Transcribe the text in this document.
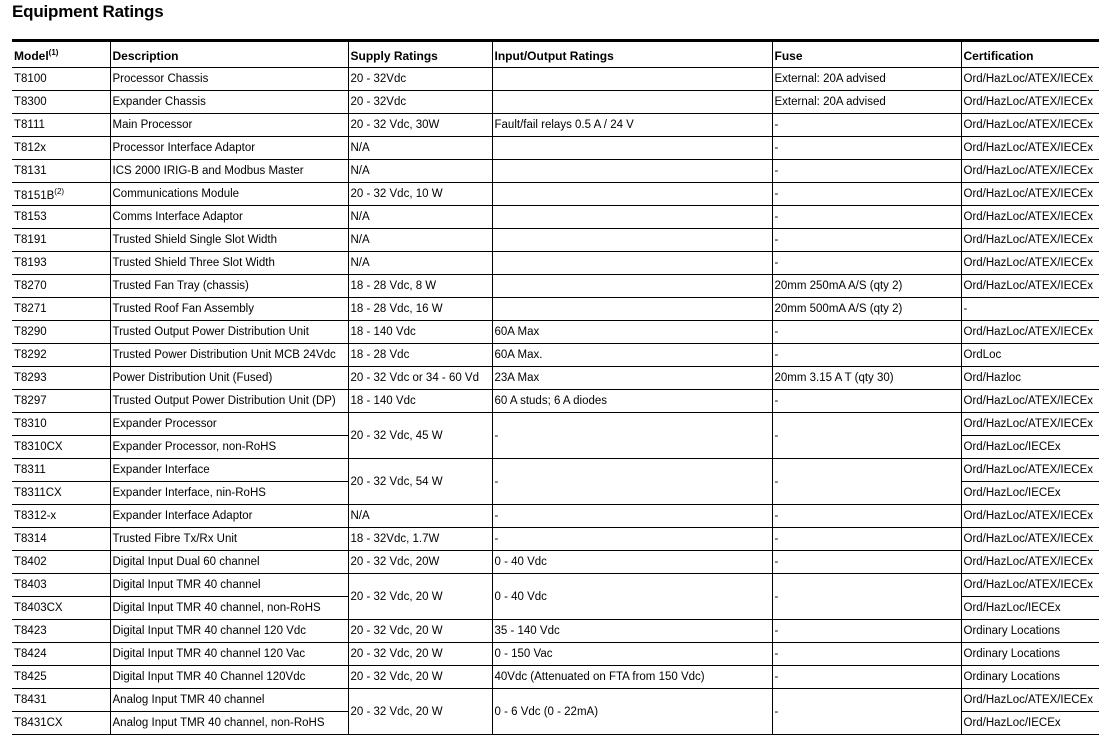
Equipment Ratings
Model$^{(1)}$	Description	Supply Ratings	Input/Output Ratings	Fuse	Certification
T8100	Processor Chassis	20 - 32Vdc		External: 20A advised	Ord/HazLoc/ATEX/IECEx
T8300	Expander Chassis	20 - 32Vdc		External: 20A advised	Ord/HazLoc/ATEX/IECEx
T8111	Main Processor	20 - 32 Vdc, 30W	Fault/fail relays 0.5 A / 24 V	-	Ord/HazLoc/ATEX/IECEx
T812x	Processor Interface Adaptor	N/A		-	Ord/HazLoc/ATEX/IECEx
T8131	ICS 2000 IRIG-B and Modbus Master	N/A		-	Ord/HazLoc/ATEX/IECEx
$T8151B^{(2)}$	Communications Module	20 - 32 Vdc, 10 W		-	Ord/HazLoc/ATEX/IECEx
T8153	Comms Interface Adaptor	N/A		-	Ord/HazLoc/ATEX/IECEx
T8191	Trusted Shield Single Slot Width	N/A		-	Ord/HazLoc/ATEX/IECEx
T8193	Trusted Shield Three Slot Width	N/A		-	Ord/HazLoc/ATEX/IECEx
T8270	Trusted Fan Tray (chassis)	18 - 28 Vdc, 8 W		20mm 250mA A/S (qty 2)	Ord/HazLoc/ATEX/IECEx
T8271	Trusted Roof Fan Assembly	18 - 28 Vdc, 16 W		20mm 500mA A/S (qty 2)	-
T8290	Trusted Output Power Distribution Unit	18 - 140 Vdc	60A Max	-	Ord/HazLoc/ATEX/IECEx
T8292	Trusted Power Distribution Unit MCB 24Vdc	18 - 28 Vdc	60A Max.	-	OrdLoc
T8293	Power Distribution Unit (Fused)	20 - 32 Vdc or 34 - 60 Vd	23A Max	20mm 3.15 A T (qty 30)	Ord/Hazloc
T8297	Trusted Output Power Distribution Unit (DP)	18 - 140 Vdc	60 A studs; 6 A diodes	-	Ord/HazLoc/ATEX/IECEx
T8310	Expander Processor	20 - 32 Vdc, 45 W	-	-	Ord/HazLoc/ATEX/IECEx
T8310CX	Expander Processor, non-RoHS				Ord/HazLoc/IECEx
T8311	Expander Interface	20 - 32 Vdc, 54 W	-	-	Ord/HazLoc/ATEX/IECEx
T8311CX	Expander Interface, nin-RoHS				Ord/HazLoc/IECEx
T8312-x	Expander Interface Adaptor	N/A	-	-	Ord/HazLoc/ATEX/IECEx
T8314	Trusted Fibre Tx/Rx Unit	18 - 32Vdc, 1.7W	-	-	Ord/HazLoc/ATEX/IECEx
T8402	Digital Input Dual 60 channel	20 - 32 Vdc, 20W	0 - 40 Vdc	-	Ord/HazLoc/ATEX/IECEx
T8403	Digital Input TMR 40 channel	20 - 32 Vdc, 20 W	0 - 40 Vdc	-	Ord/HazLoc/ATEX/IECEx
T8403CX	Digital Input TMR 40 channel, non-RoHS				Ord/HazLoc/IECEx
T8423	Digital Input TMR 40 channel 120 Vdc	20 - 32 Vdc, 20 W	35 - 140 Vdc	-	Ordinary Locations
T8424	Digital Input TMR 40 channel 120 Vac	20 - 32 Vdc, 20 W	0 - 150 Vac	-	Ordinary Locations
T8425	Digital Input TMR 40 Channel 120Vdc	20 - 32 Vdc, 20 W	40Vdc (Attenuated on FTA from 150 Vdc)	-	Ordinary Locations
T8431	Analog Input TMR 40 channel	20 - 32 Vdc, 20 W	0 - 6 Vdc (0 - 22mA)	-	Ord/HazLoc/ATEX/IECEx
T8431CX	Analog Input TMR 40 channel, non-RoHS				Ord/HazLoc/IECEx
